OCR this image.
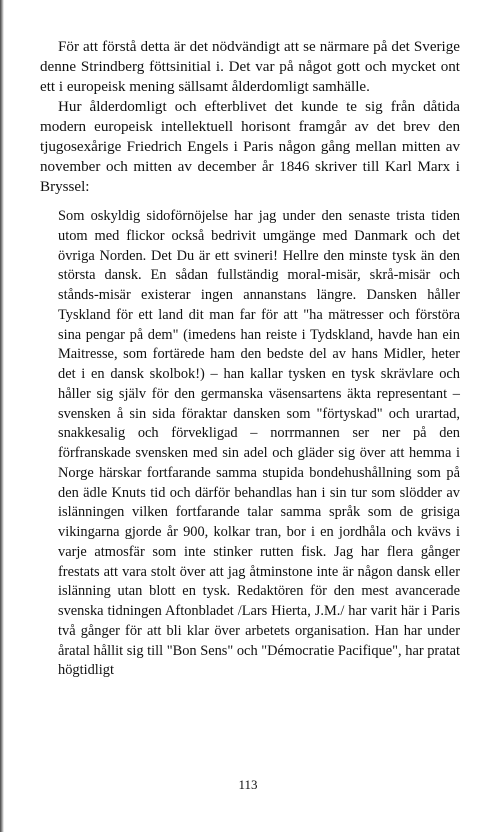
För att förstå detta är det nödvändigt att se närmare på det Sverige denne Strindberg föttsinitial i. Det var på något gott och mycket ont ett i europeisk mening sällsamt ålderdomligt samhälle.

Hur ålderdomligt och efterblivet det kunde te sig från dåtida modern europeisk intellektuell horisont framgår av det brev den tjugosexårige Friedrich Engels i Paris någon gång mellan mitten av november och mitten av december år 1846 skriver till Karl Marx i Bryssel:

Som oskyldig sidoförnöjelse har jag under den senaste trista tiden utom med flickor också bedrivit umgänge med Danmark och det övriga Norden. Det Du är ett svineri! Hellre den minste tysk än den största dansk. En sådan fullständig moral-misär, skrå-misär och stånds-misär existerar ingen annanstans längre. Dansken håller Tyskland för ett land dit man far för att "ha mätresser och förstöra sina pengar på dem" (imedens han reiste i Tydskland, havde han ein Maitresse, som fortärede ham den bedste del av hans Midler, heter det i en dansk skolbok!) – han kallar tysken en tysk skrävlare och håller sig själv för den germanska väsensartens äkta representant – svensken å sin sida föraktar dansken som "förtyskad" och urartad, snakkesalig och förvekligad – norrmannen ser ner på den förfranskade svensken med sin adel och gläder sig över att hemma i Norge härskar fortfarande samma stupida bondehushållning som på den ädle Knuts tid och därför behandlas han i sin tur som slödder av islänningen vilken fortfarande talar samma språk som de grisiga vikingarna gjorde år 900, kolkar tran, bor i en jordhåla och kvävs i varje atmosfär som inte stinker rutten fisk. Jag har flera gånger frestats att vara stolt över att jag åtminstone inte är någon dansk eller islänning utan blott en tysk. Redaktören för den mest avancerade svenska tidningen Aftonbladet /Lars Hierta, J.M./ har varit här i Paris två gånger för att bli klar över arbetets organisation. Han har under åratal hållit sig till "Bon Sens" och "Démocratie Pacifique", har pratat högtidligt

113
